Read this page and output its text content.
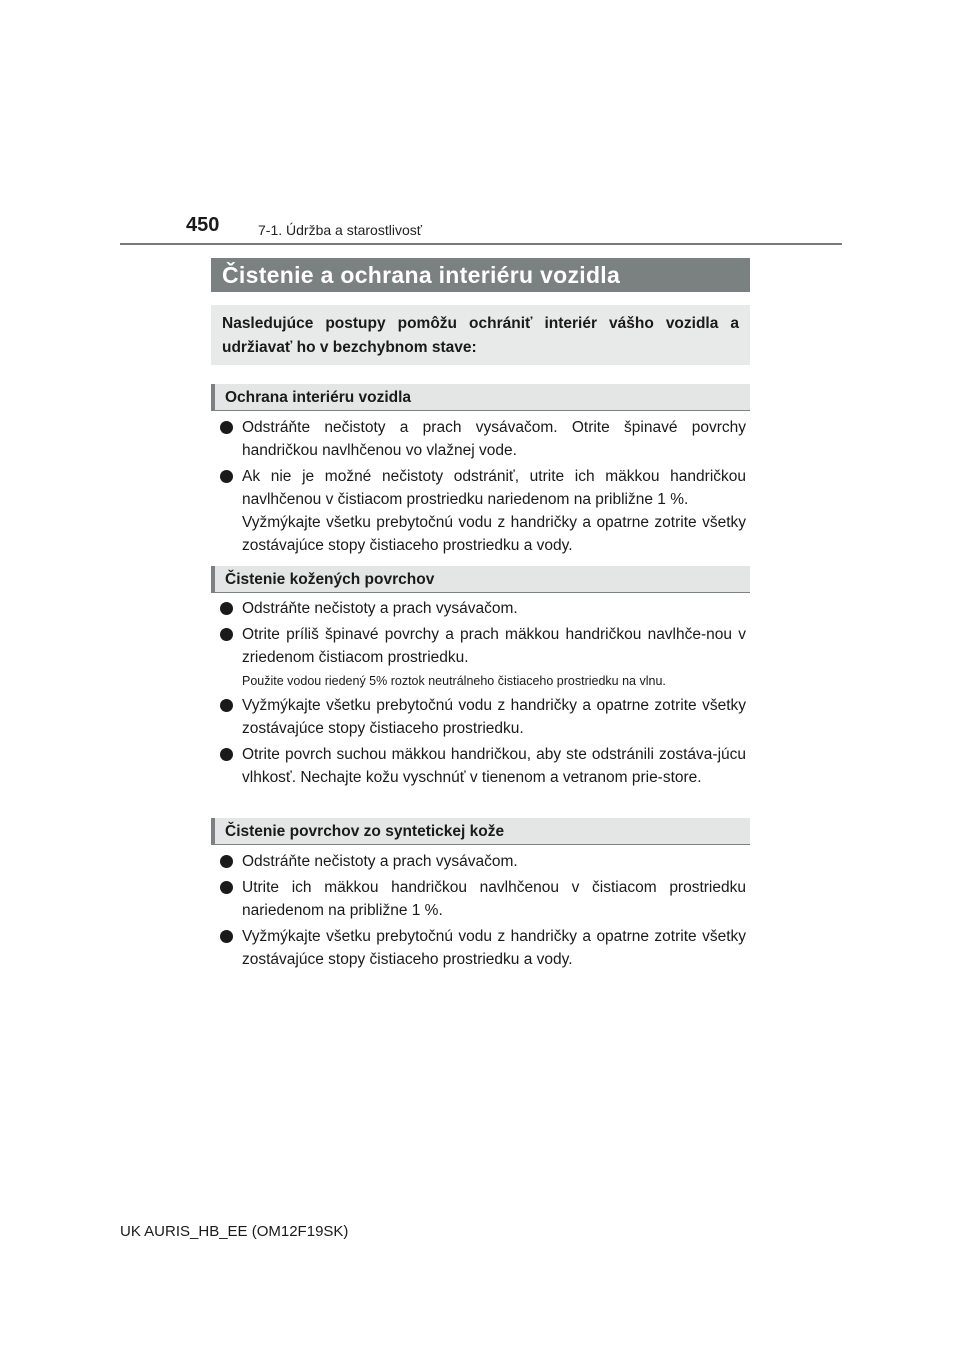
450	7-1. Údržba a starostlivosť
Čistenie a ochrana interiéru vozidla
Nasledujúce postupy pomôžu ochrániť interiér vášho vozidla a udržiavať ho v bezchybnom stave:
Ochrana interiéru vozidla
Odstráňte nečistoty a prach vysávačom. Otrite špinavé povrchy handričkou navlhčenou vo vlažnej vode.
Ak nie je možné nečistoty odstrániť, utrite ich mäkkou handričkou navlhčenou v čistiacom prostriedku nariedenom na približne 1 %.
Vyžmýkajte všetku prebytočnú vodu z handričky a opatrne zotrite všetky zostávajúce stopy čistiaceho prostriedku a vody.
Čistenie kožených povrchov
Odstráňte nečistoty a prach vysávačom.
Otrite príliš špinavé povrchy a prach mäkkou handričkou navlhče-nou v zriedenom čistiacom prostriedku.
Použite vodou riedený 5% roztok neutrálneho čistiaceho prostriedku na vlnu.
Vyžmýkajte všetku prebytočnú vodu z handričky a opatrne zotrite všetky zostávajúce stopy čistiaceho prostriedku.
Otrite povrch suchou mäkkou handričkou, aby ste odstránili zostáva-júcu vlhkosť. Nechajte kožu vyschnúť v tienenom a vetranom prie-store.
Čistenie povrchov zo syntetickej kože
Odstráňte nečistoty a prach vysávačom.
Utrite ich mäkkou handričkou navlhčenou v čistiacom prostriedku nariedenom na približne 1 %.
Vyžmýkajte všetku prebytočnú vodu z handričky a opatrne zotrite všetky zostávajúce stopy čistiaceho prostriedku a vody.
UK AURIS_HB_EE (OM12F19SK)
